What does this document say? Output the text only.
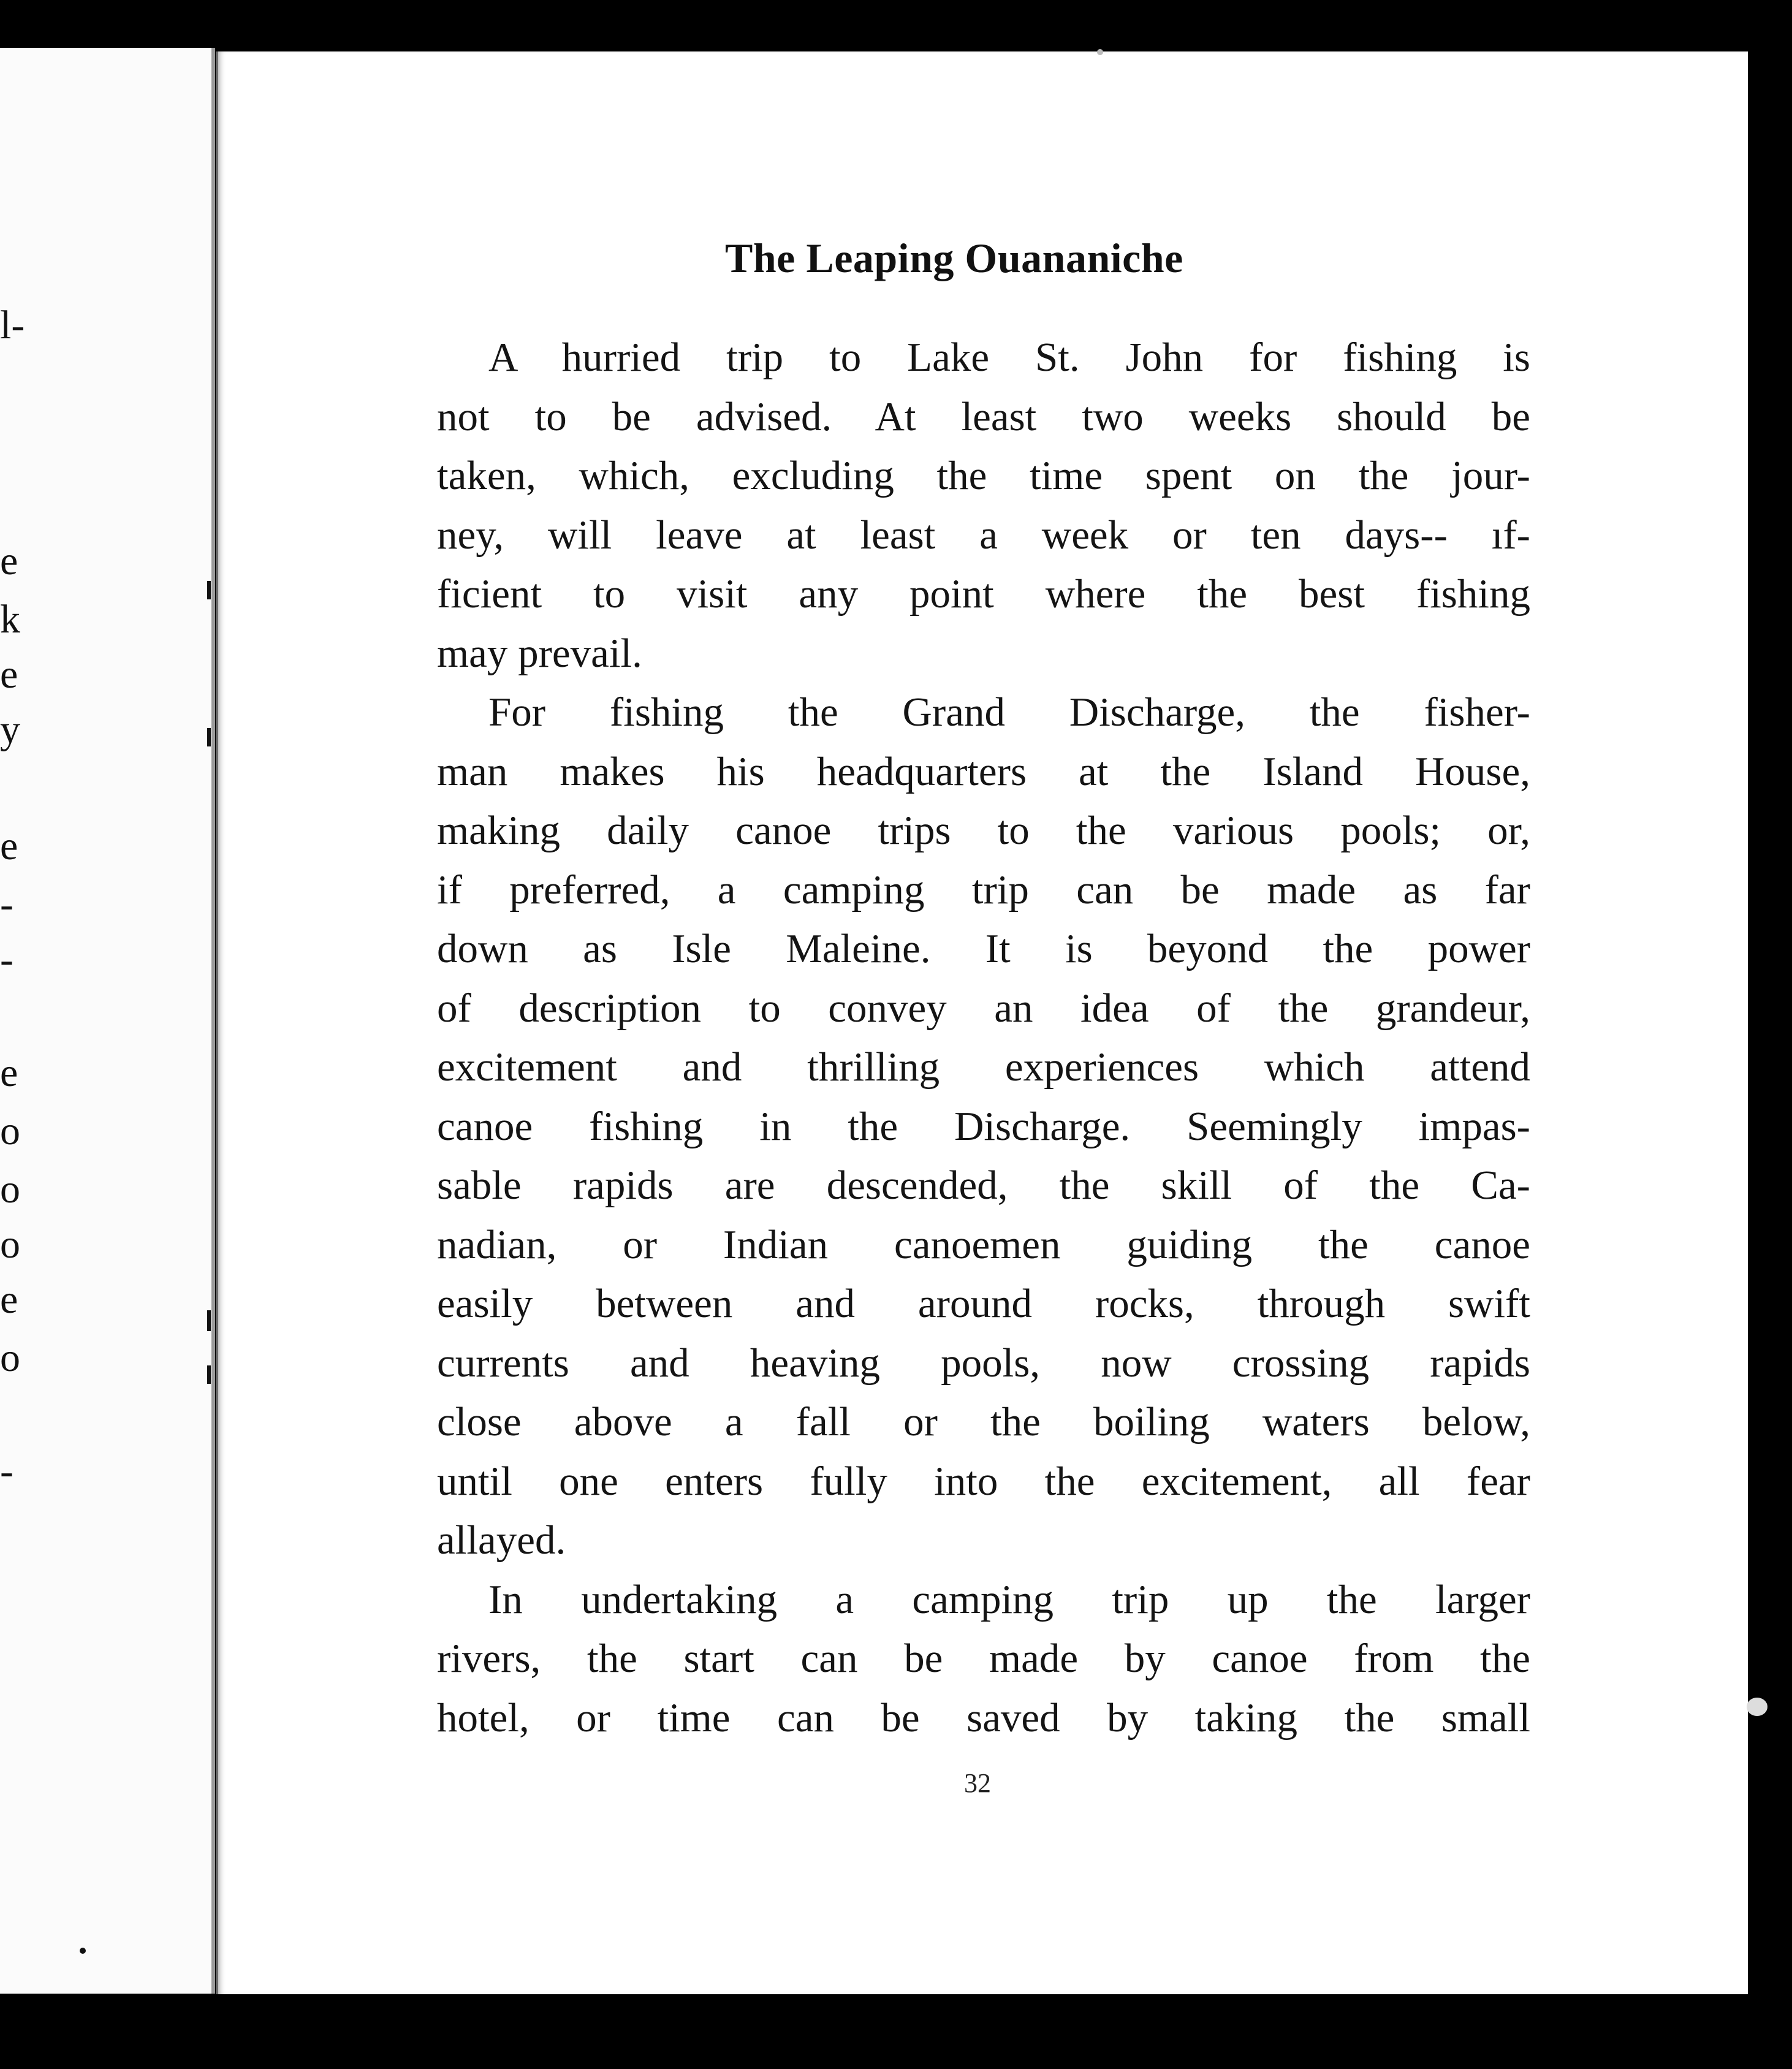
l-
e
k
e
y
e
-
-
e
o
o
o
e
o
-
The Leaping Ouananiche
A hurried trip to Lake St. John for fishing is
not to be advised. At least two weeks should be
taken, which, excluding the time spent on the jour-
ney, will leave at least a week or ten days-- ıf-
ficient to visit any point where the best fishing
may prevail.
For fishing the Grand Discharge, the fisher-
man makes his headquarters at the Island House,
making daily canoe trips to the various pools; or,
if preferred, a camping trip can be made as far
down as Isle Maleine. It is beyond the power
of description to convey an idea of the grandeur,
excitement and thrilling experiences which attend
canoe fishing in the Discharge. Seemingly impas-
sable rapids are descended, the skill of the Ca-
nadian, or Indian canoemen guiding the canoe
easily between and around rocks, through swift
currents and heaving pools, now crossing rapids
close above a fall or the boiling waters below,
until one enters fully into the excitement, all fear
allayed.
In undertaking a camping trip up the larger
rivers, the start can be made by canoe from the
hotel, or time can be saved by taking the small
32
